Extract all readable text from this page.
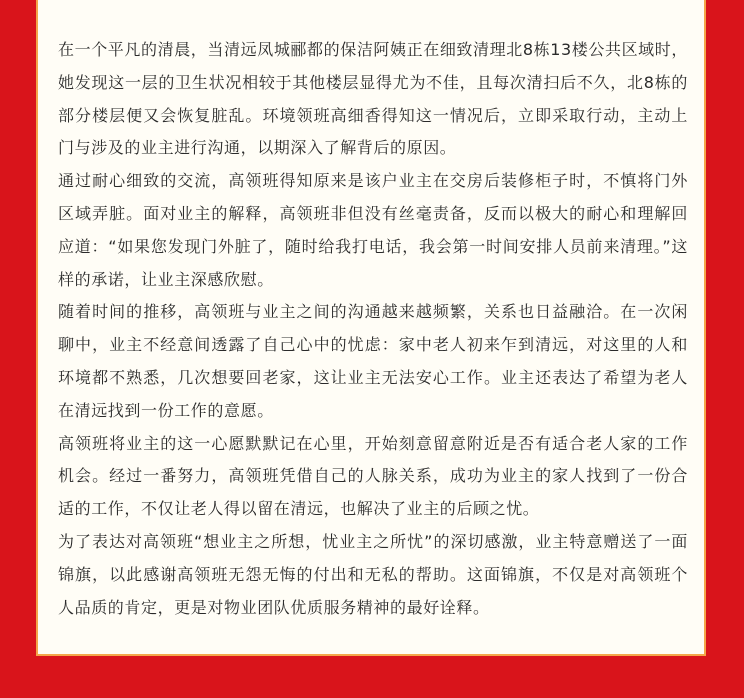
在一个平凡的清晨，当清远凤城郦都的保洁阿姨正在细致清理北8栋13楼公共区域时，她发现这一层的卫生状况相较于其他楼层显得尤为不佳，且每次清扫后不久，北8栋的部分楼层便又会恢复脏乱。环境领班高细香得知这一情况后，立即采取行动，主动上门与涉及的业主进行沟通，以期深入了解背后的原因。

通过耐心细致的交流，高领班得知原来是该户业主在交房后装修柜子时，不慎将门外区域弄脏。面对业主的解释，高领班非但没有丝毫责备，反而以极大的耐心和理解回应道：“如果您发现门外脏了，随时给我打电话，我会第一时间安排人员前来清理。”这样的承诺，让业主深感欣慰。

随着时间的推移，高领班与业主之间的沟通越来越频繁，关系也日益融洽。在一次闲聊中，业主不经意间透露了自己心中的忧虑：家中老人初来乍到清远，对这里的人和环境都不熟悉，几次想要回老家，这让业主无法安心工作。业主还表达了希望为老人在清远找到一份工作的意愿。

高领班将业主的这一心愿默默记在心里，开始刻意留意附近是否有适合老人家的工作机会。经过一番努力，高领班凭借自己的人脉关系，成功为业主的家人找到了一份合适的工作，不仅让老人得以留在清远，也解决了业主的后顾之忧。

为了表达对高领班“想业主之所想，忧业主之所忧”的深切感激，业主特意赠送了一面锦旗，以此感谢高领班无怨无悔的付出和无私的帮助。这面锦旗，不仅是对高领班个人品质的肯定，更是对物业团队优质服务精神的最好诠释。
